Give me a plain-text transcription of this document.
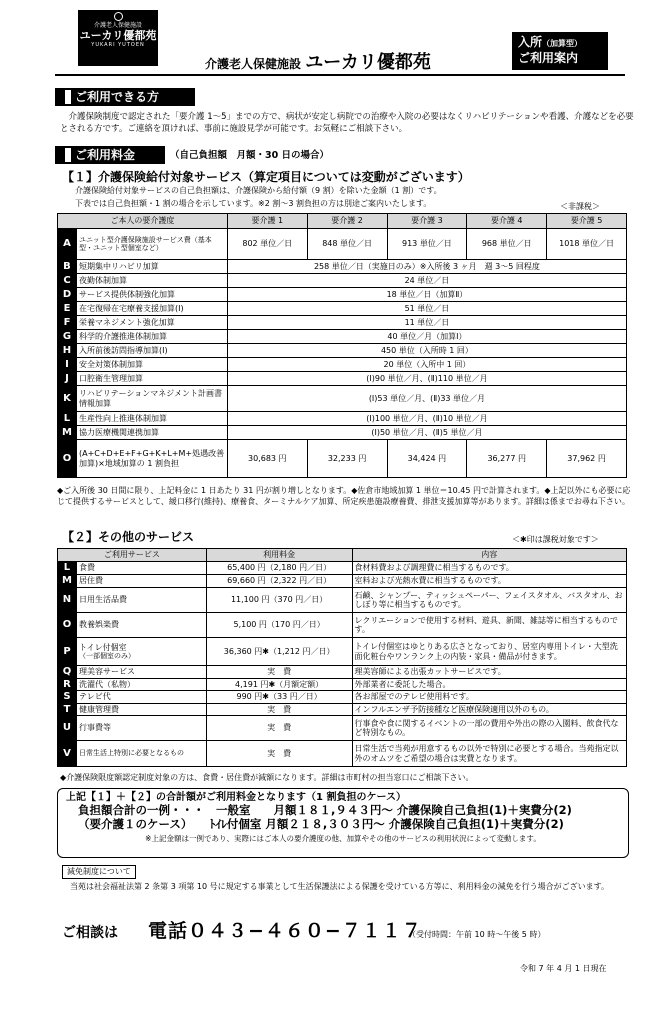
介護老人保健施設
ユーカリ優都苑
YUKARI YUTOEN
介護老人保健施設 ユーカリ優都苑
入所（加算型）
ご利用案内
ご利用できる方
介護保険制度で認定された「要介護 1〜5」までの方で、病状が安定し病院での治療や入院の必要はなくリハビリテーションや看護、介護などを必要とされる方です。ご連絡を頂ければ、事前に施設見学が可能です。お気軽にご相談下さい。
ご利用料金	（自己負担額　月額・30 日の場合）
【１】介護保険給付対象サービス（算定項目については変動がございます）
介護保険給付対象サービスの自己負担額は、介護保険から給付額（9 割）を除いた金額（1 割）です。
下表では自己負担額・1 割の場合を示しています。※2 割〜3 割負担の方は別途ご案内いたします。	＜非課税＞
ご本人の要介護度		要介護 1	要介護 2	要介護 3	要介護 4	要介護 5
A	ユニット型介護保険施設サービス費（基本型・ユニット型個室など）	802 単位／日	848 単位／日	913 単位／日	968 単位／日	1018 単位／日
B	短期集中リハビリ加算	258 単位／日（実施日のみ）※入所後 3 ヶ月　週 3〜5 回程度				
C	夜勤体制加算	24 単位／日				
D	サービス提供体制強化加算	18 単位／日（加算Ⅱ）				
E	在宅復帰在宅療養支援加算(Ⅰ)	51 単位／日				
F	栄養マネジメント強化加算	11 単位／日				
G	科学的介護推進体制加算	40 単位／月（加算Ⅰ）				
H	入所前後訪問指導加算(Ⅰ)	450 単位（入所時 1 回）				
I	安全対策体制加算	20 単位（入所中 1 回）				
J	口腔衛生管理加算	(Ⅰ)90 単位／月、(Ⅱ)110 単位／月				
K	リハビリテーションマネジメント計画書情報加算	(Ⅰ)53 単位／月、(Ⅱ)33 単位／月				
L	生産性向上推進体制加算	(Ⅰ)100 単位／月、(Ⅱ)10 単位／月				
M	協力医療機関連携加算	(Ⅰ)50 単位／月、(Ⅱ)5 単位／月				
O	(A+C+D+E+F+G+K+L+M+処遇改善加算)×地域加算の 1 割負担	30,683 円	32,233 円	34,424 円	36,277 円	37,962 円
◆ご入所後 30 日間に限り、上記料金に 1 日あたり 31 円が割り増しとなります。◆佐倉市地域加算 1 単位＝10.45 円で計算されます。◆上記以外にも必要に応じて提供するサービスとして、緩口移行(維持)、療養食、ターミナルケア加算、所定疾患施設療養費、排泄支援加算等があります。詳細は係までお尋ね下さい。
【２】その他のサービス	＜✱印は課税対象です＞
ご利用サービス		利用料金	内容
L	食費	65,400 円（2,180 円／日）	食材料費および調理費に相当するものです。
M	居住費	69,660 円（2,322 円／日）	室料および光熱水費に相当するものです。
N	日用生活品費	11,100 円（370 円／日）	石鹸、シャンプー、ティッシュペーパー、フェイスタオル、バスタオル、おしぼり等に相当するものです。
O	教養娯楽費	5,100 円（170 円／日）	レクリエーションで使用する材料、遊具、新聞、雑誌等に相当するものです。
P	トイレ付個室
（一部個室のみ）	36,360 円✱（1,212 円／日）	トイレ付個室はゆとりある広さとなっており、居室内専用トイレ・大型洗面化粧台やワンランク上の内装・家具・備品が付きます。
Q	理美容サービス	実　費	理美容師による出張カットサービスです。
R	洗濯代（私物）	4,191 円✱（月額定額）	外部業者に委託した場合。
S	テレビ代	990 円✱（33 円／日）	各お部屋でのテレビ使用料です。
T	健康管理費	実　費	インフルエンザ予防接種など医療保険適用以外のもの。
U	行事費等	実　費	行事食や食に関するイベントの一部の費用や外出の際の入園料、飲食代など特別なもの。
V	日常生活上特別に必要となるもの	実　費	日常生活で当苑が用意するもの以外で特別に必要とする場合。当苑指定以外のオムツをご希望の場合は実費となります。
◆介護保険限度額認定制度対象の方は、食費・居住費が減額になります。詳細は市町村の担当窓口にご相談下さい。
上記【１】＋【２】の合計額がご利用料金となります（1 割負担のケース）
負担額合計の一例・・・　一般室　　月額１８１,９４３円〜 介護保険自己負担(1)＋実費分(2)
（要介護１のケース）　　ﾄｲﾚ付個室 月額２１８,３０３円〜 介護保険自己負担(1)＋実費分(2)
※上記金額は一例であり、実際にはご本人の要介護度の他、加算やその他のサービスの利用状況によって変動します。
減免制度について
当苑は社会福祉法第 2 条第 3 項第 10 号に規定する事業として生活保護法による保護を受けている方等に、利用料金の減免を行う場合がございます。
ご相談は 電話０４３−４６０−７１１７
（受付時間：午前 10 時〜午後 5 時）
令和 7 年 4 月 1 日現在
